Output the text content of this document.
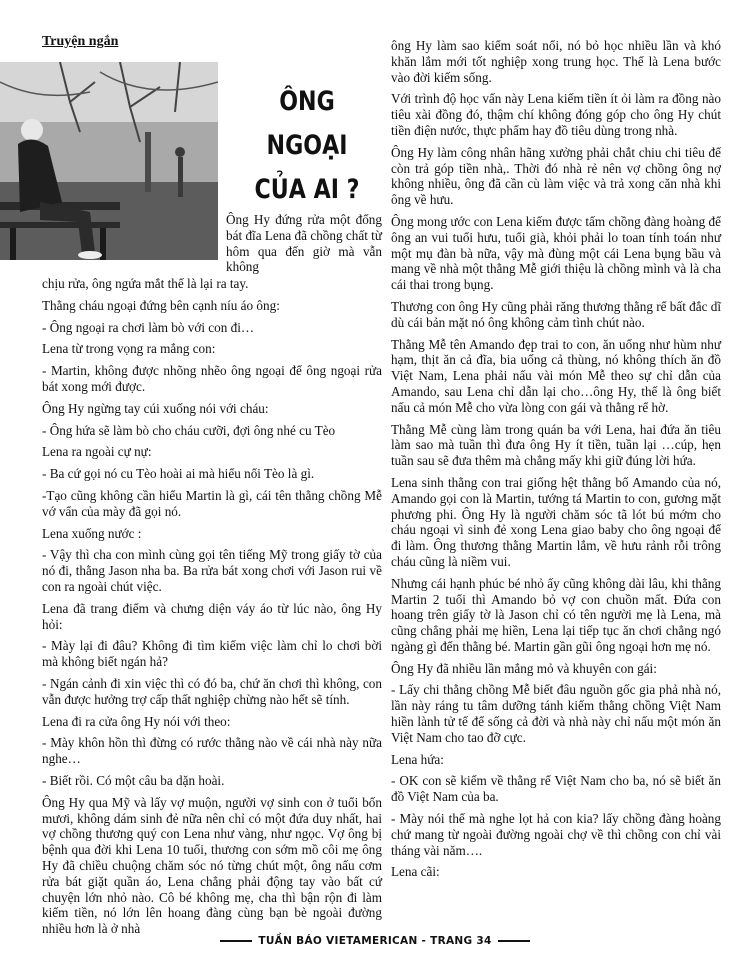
Truyện ngắn
ÔNG
NGOẠI
CỦA AI ?

Ông Hy đứng rửa một đống bát đĩa Lena đã chồng chất từ hôm qua đến giờ mà vẫn không

chịu rửa, ông ngứa mắt thế là lại ra tay.

Thằng cháu ngoại đứng bên cạnh níu áo ông:

- Ông ngoại ra chơi làm bò với con đi…

Lena từ trong vọng ra mắng con:

- Martin, không được nhõng nhẽo ông ngoại để ông ngoại rửa bát xong mới được.

Ông Hy ngừng tay cúi xuống nói với cháu:

- Ông hứa sẽ làm bò cho cháu cưỡi, đợi ông nhé cu Tèo

Lena ra ngoài cự nự:

- Ba cứ gọi nó cu Tèo hoài ai mà hiểu nổi Tèo là gì.

-Tạo cũng không cần hiểu Martin là gì, cái tên thằng chồng Mễ vớ vẩn của mày đã gọi nó.

Lena xuống nước :

- Vậy thì cha con mình cùng gọi tên tiếng Mỹ trong giấy tờ của nó đi, thằng Jason nha ba. Ba rửa bát xong chơi với Jason rui về con ra ngoài chút việc.

Lena đã trang điểm và chưng diện váy áo từ lúc nào, ông Hy hỏi:

- Mày lại đi đâu? Không đi tìm kiếm việc làm chỉ lo chơi bời mà không biết ngán hả?

- Ngán cảnh đi xin việc thì có đó ba, chứ ăn chơi thì không, con vẫn được hưởng trợ cấp thất nghiệp chừng nào hết sẽ tính.

Lena đi ra cửa ông Hy nói với theo:

- Mày khôn hồn thì đừng có rước thằng nào về cái nhà này nữa nghe…

- Biết rồi. Có một câu ba dặn hoài.

Ông Hy qua Mỹ và lấy vợ muộn, người vợ sinh con ở tuổi bốn mươi, không dám sinh đẻ nữa nên chỉ có một đứa duy nhất, hai vợ chồng thương quý con Lena như vàng, như ngọc. Vợ ông bị bệnh qua đời khi Lena 10 tuổi, thương con sớm mồ côi mẹ ông Hy đã chiều chuộng chăm sóc nó từng chút một, ông nấu cơm rửa bát giặt quần áo, Lena chẳng phải động tay vào bất cứ chuyện lớn nhỏ nào. Cô bé không mẹ, cha thì bận rộn đi làm kiếm tiền, nó lớn lên hoang đàng cùng bạn bè ngoài đường nhiều hơn là ở nhà

ông Hy làm sao kiểm soát nổi, nó bỏ học nhiều lần và khó khăn lắm mới tốt nghiệp xong trung học. Thế là Lena bước vào đời kiếm sống.

Với trình độ học vấn này Lena kiếm tiền ít ỏi làm ra đồng nào tiêu xài đồng đó, thậm chí không đóng góp cho ông Hy chút tiền điện nước, thực phẩm hay đồ tiêu dùng trong nhà.

Ông Hy làm công nhân hãng xưởng phải chắt chiu chi tiêu để còn trả góp tiền nhà,. Thời đó nhà rẻ nên vợ chồng ông nợ không nhiều, ông đã cần cù làm việc và trả xong căn nhà khi ông về hưu.

Ông mong ước con Lena kiếm được tấm chồng đàng hoàng để ông an vui tuổi hưu, tuổi già, khỏi phải lo toan tính toán như một mụ đàn bà nữa, vậy mà đùng một cái Lena bụng bầu và mang về nhà một thằng Mễ giới thiệu là chồng mình và là cha cái thai trong bụng.

Thương con ông Hy cũng phải răng thương thằng rể bất đắc dĩ dù cái bản mặt nó ông không cảm tình chút nào.

Thằng Mễ tên Amando đẹp trai to con, ăn uống như hùm như hạm, thịt ăn cả đĩa, bia uống cả thùng, nó không thích ăn đồ Việt Nam, Lena phải nấu vài món Mễ theo sự chỉ dẫn của Amando, sau Lena chỉ dẫn lại cho…ông Hy, thế là ông biết nấu cả món Mễ cho vừa lòng con gái và thằng rể hờ.

Thằng Mễ cùng làm trong quán ba với Lena, hai đứa ăn tiêu làm sao mà tuần thì đưa ông Hy ít tiền, tuần lại …cúp, hẹn tuần sau sẽ đưa thêm mà chẳng mấy khi giữ đúng lời hứa.

Lena sinh thằng con trai giống hệt thằng bố Amando của nó, Amando gọi con là Martin, tướng tá Martin to con, gương mặt phương phi. Ông Hy là người chăm sóc tã lót bú mớm cho cháu ngoại vì sinh đẻ xong Lena giao baby cho ông ngoại để đi làm. Ông thương thằng Martin lắm, về hưu rảnh rỗi trông cháu cũng là niềm vui.

Nhưng cái hạnh phúc bé nhỏ ấy cũng không dài lâu, khi thằng Martin 2 tuổi thì Amando bỏ vợ con chuồn mất. Đứa con hoang trên giấy tờ là Jason chỉ có tên người mẹ là Lena, mà cũng chẳng phải mẹ hiền, Lena lại tiếp tục ăn chơi chẳng ngó ngàng gì đến thằng bé. Martin gần gũi ông ngoại hơn mẹ nó.

Ông Hy đã nhiều lần mắng mỏ và khuyên con gái:

- Lấy chi thằng chồng Mễ biết đâu nguồn gốc gia phả nhà nó, lần này ráng tu tâm dưỡng tánh kiếm thằng chồng Việt Nam hiền lành tử tế để sống cả đời và nhà này chỉ nấu một món ăn Việt Nam cho tao đỡ cực.

Lena hứa:

- OK con sẽ kiếm về thằng rể Việt Nam cho ba, nó sẽ biết ăn đồ Việt Nam của ba.

- Mày nói thế mà nghe lọt hả con kia? lấy chồng đàng hoàng chứ mang từ ngoài đường ngoài chợ về thì chồng con chỉ vài tháng vài năm….

Lena cãi:

TUẦN BÁO VIETAMERICAN - TRANG 34
